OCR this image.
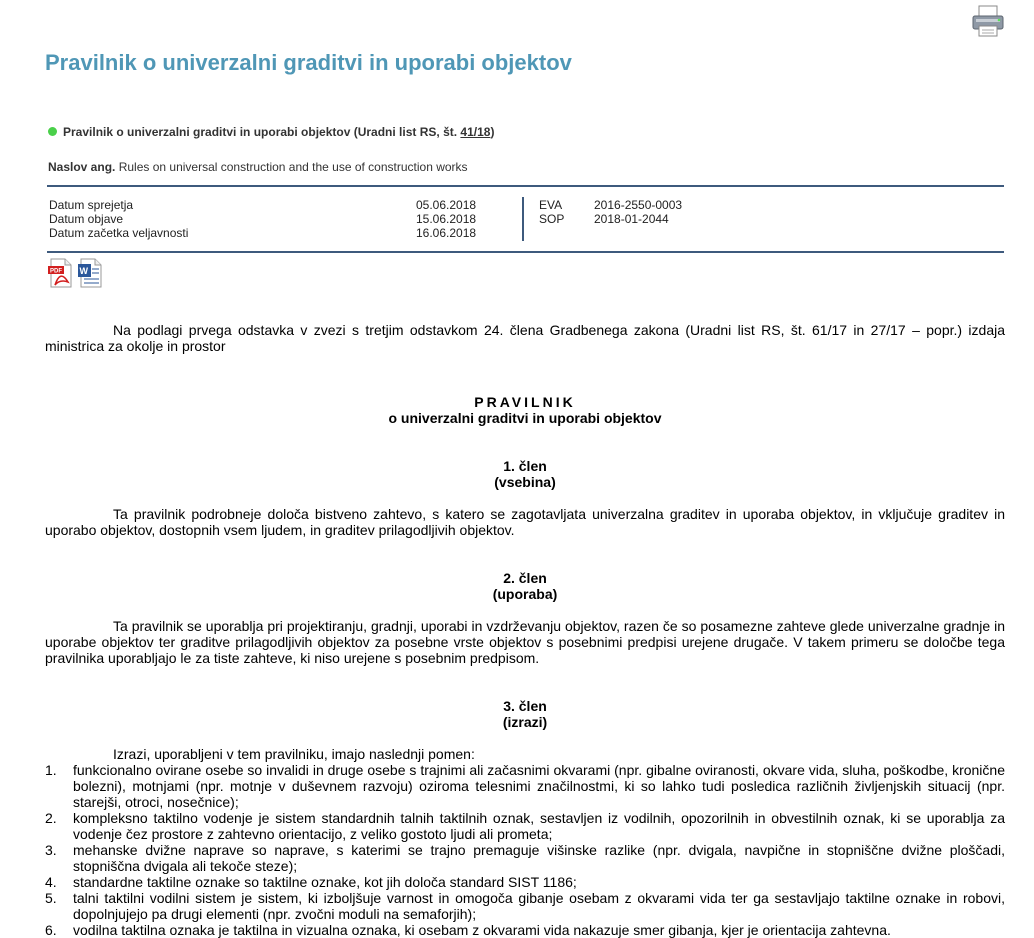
Pravilnik o univerzalni graditvi in uporabi objektov
Pravilnik o univerzalni graditvi in uporabi objektov (Uradni list RS, št. 41/18)
Naslov ang. Rules on universal construction and the use of construction works
Datum sprejetja	05.06.2018
Datum objave	15.06.2018
Datum začetka veljavnosti	16.06.2018
EVA	2016-2550-0003
SOP 2018-01-2044
PDF W

Na podlagi prvega odstavka v zvezi s tretjim odstavkom 24. člena Gradbenega zakona (Uradni list RS, št. 61/17 in 27/17 – popr.) izdaja ministrica za okolje in prostor

PRAVILNIK

o univerzalni graditvi in uporabi objektov

1. člen

(vsebina)

Ta pravilnik podrobneje določa bistveno zahtevo, s katero se zagotavljata univerzalna graditev in uporaba objektov, in vključuje graditev in uporabo objektov, dostopnih vsem ljudem, in graditev prilagodljivih objektov.

2. člen

(uporaba)

Ta pravilnik se uporablja pri projektiranju, gradnji, uporabi in vzdrževanju objektov, razen če so posamezne zahteve glede univerzalne gradnje in uporabe objektov ter graditve prilagodljivih objektov za posebne vrste objektov s posebnimi predpisi urejene drugače. V takem primeru se določbe tega pravilnika uporabljajo le za tiste zahteve, ki niso urejene s posebnim predpisom.

3. člen

(izrazi)

Izrazi, uporabljeni v tem pravilniku, imajo naslednji pomen:

1. funkcionalno ovirane osebe so invalidi in druge osebe s trajnimi ali začasnimi okvarami (npr. gibalne oviranosti, okvare vida, sluha, poškodbe, kronične bolezni), motnjami (npr. motnje v duševnem razvoju) oziroma telesnimi značilnostmi, ki so lahko tudi posledica različnih življenjskih situacij (npr. starejši, otroci, nosečnice);
2. kompleksno taktilno vodenje je sistem standardnih talnih taktilnih oznak, sestavljen iz vodilnih, opozorilnih in obvestilnih oznak, ki se uporablja za vodenje čez prostore z zahtevno orientacijo, z veliko gostoto ljudi ali prometa;
3. mehanske dvižne naprave so naprave, s katerimi se trajno premaguje višinske razlike (npr. dvigala, navpične in stopniščne dvižne ploščadi, stopniščna dvigala ali tekoče steze);
4. standardne taktilne oznake so taktilne oznake, kot jih določa standard SIST 1186;
5. talni taktilni vodilni sistem je sistem, ki izboljšuje varnost in omogoča gibanje osebam z okvarami vida ter ga sestavljajo taktilne oznake in robovi, dopolnjujejo pa drugi elementi (npr. zvočni moduli na semaforjih);
6. vodilna taktilna oznaka je taktilna in vizualna oznaka, ki osebam z okvarami vida nakazuje smer gibanja, kjer je orientacija zahtevna.
